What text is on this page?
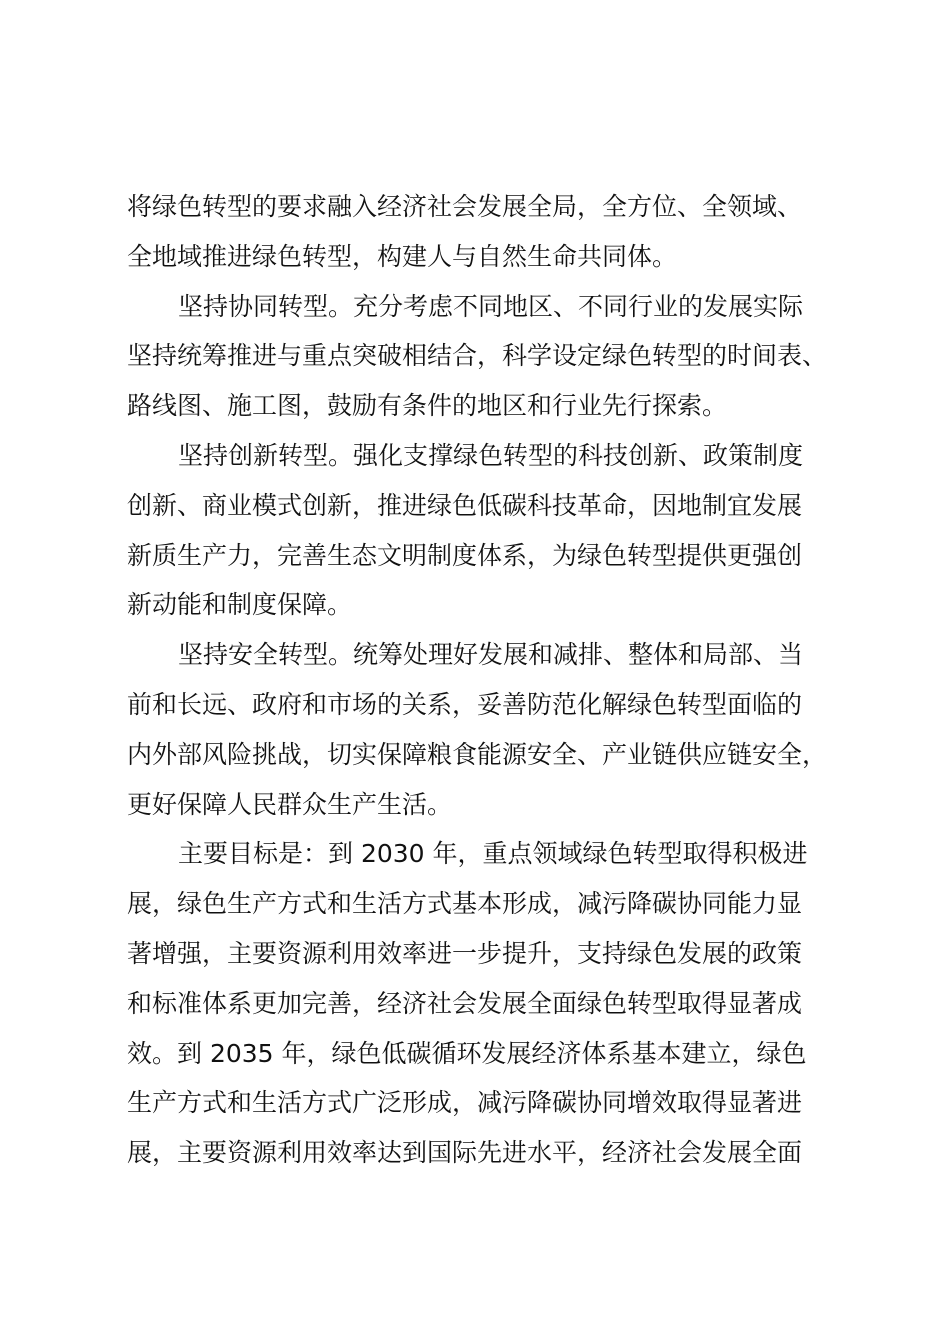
将绿色转型的要求融入经济社会发展全局，全方位、全领域、
全地域推进绿色转型，构建人与自然生命共同体。
坚持协同转型。充分考虑不同地区、不同行业的发展实际
坚持统筹推进与重点突破相结合，科学设定绿色转型的时间表、
路线图、施工图，鼓励有条件的地区和行业先行探索。
坚持创新转型。强化支撑绿色转型的科技创新、政策制度
创新、商业模式创新，推进绿色低碳科技革命，因地制宜发展
新质生产力，完善生态文明制度体系，为绿色转型提供更强创
新动能和制度保障。
坚持安全转型。统筹处理好发展和减排、整体和局部、当
前和长远、政府和市场的关系，妥善防范化解绿色转型面临的
内外部风险挑战，切实保障粮食能源安全、产业链供应链安全，
更好保障人民群众生产生活。
主要目标是：到 2030 年，重点领域绿色转型取得积极进
展，绿色生产方式和生活方式基本形成，减污降碳协同能力显
著增强，主要资源利用效率进一步提升，支持绿色发展的政策
和标准体系更加完善，经济社会发展全面绿色转型取得显著成
效。到 2035 年，绿色低碳循环发展经济体系基本建立，绿色
生产方式和生活方式广泛形成，减污降碳协同增效取得显著进
展，主要资源利用效率达到国际先进水平，经济社会发展全面
